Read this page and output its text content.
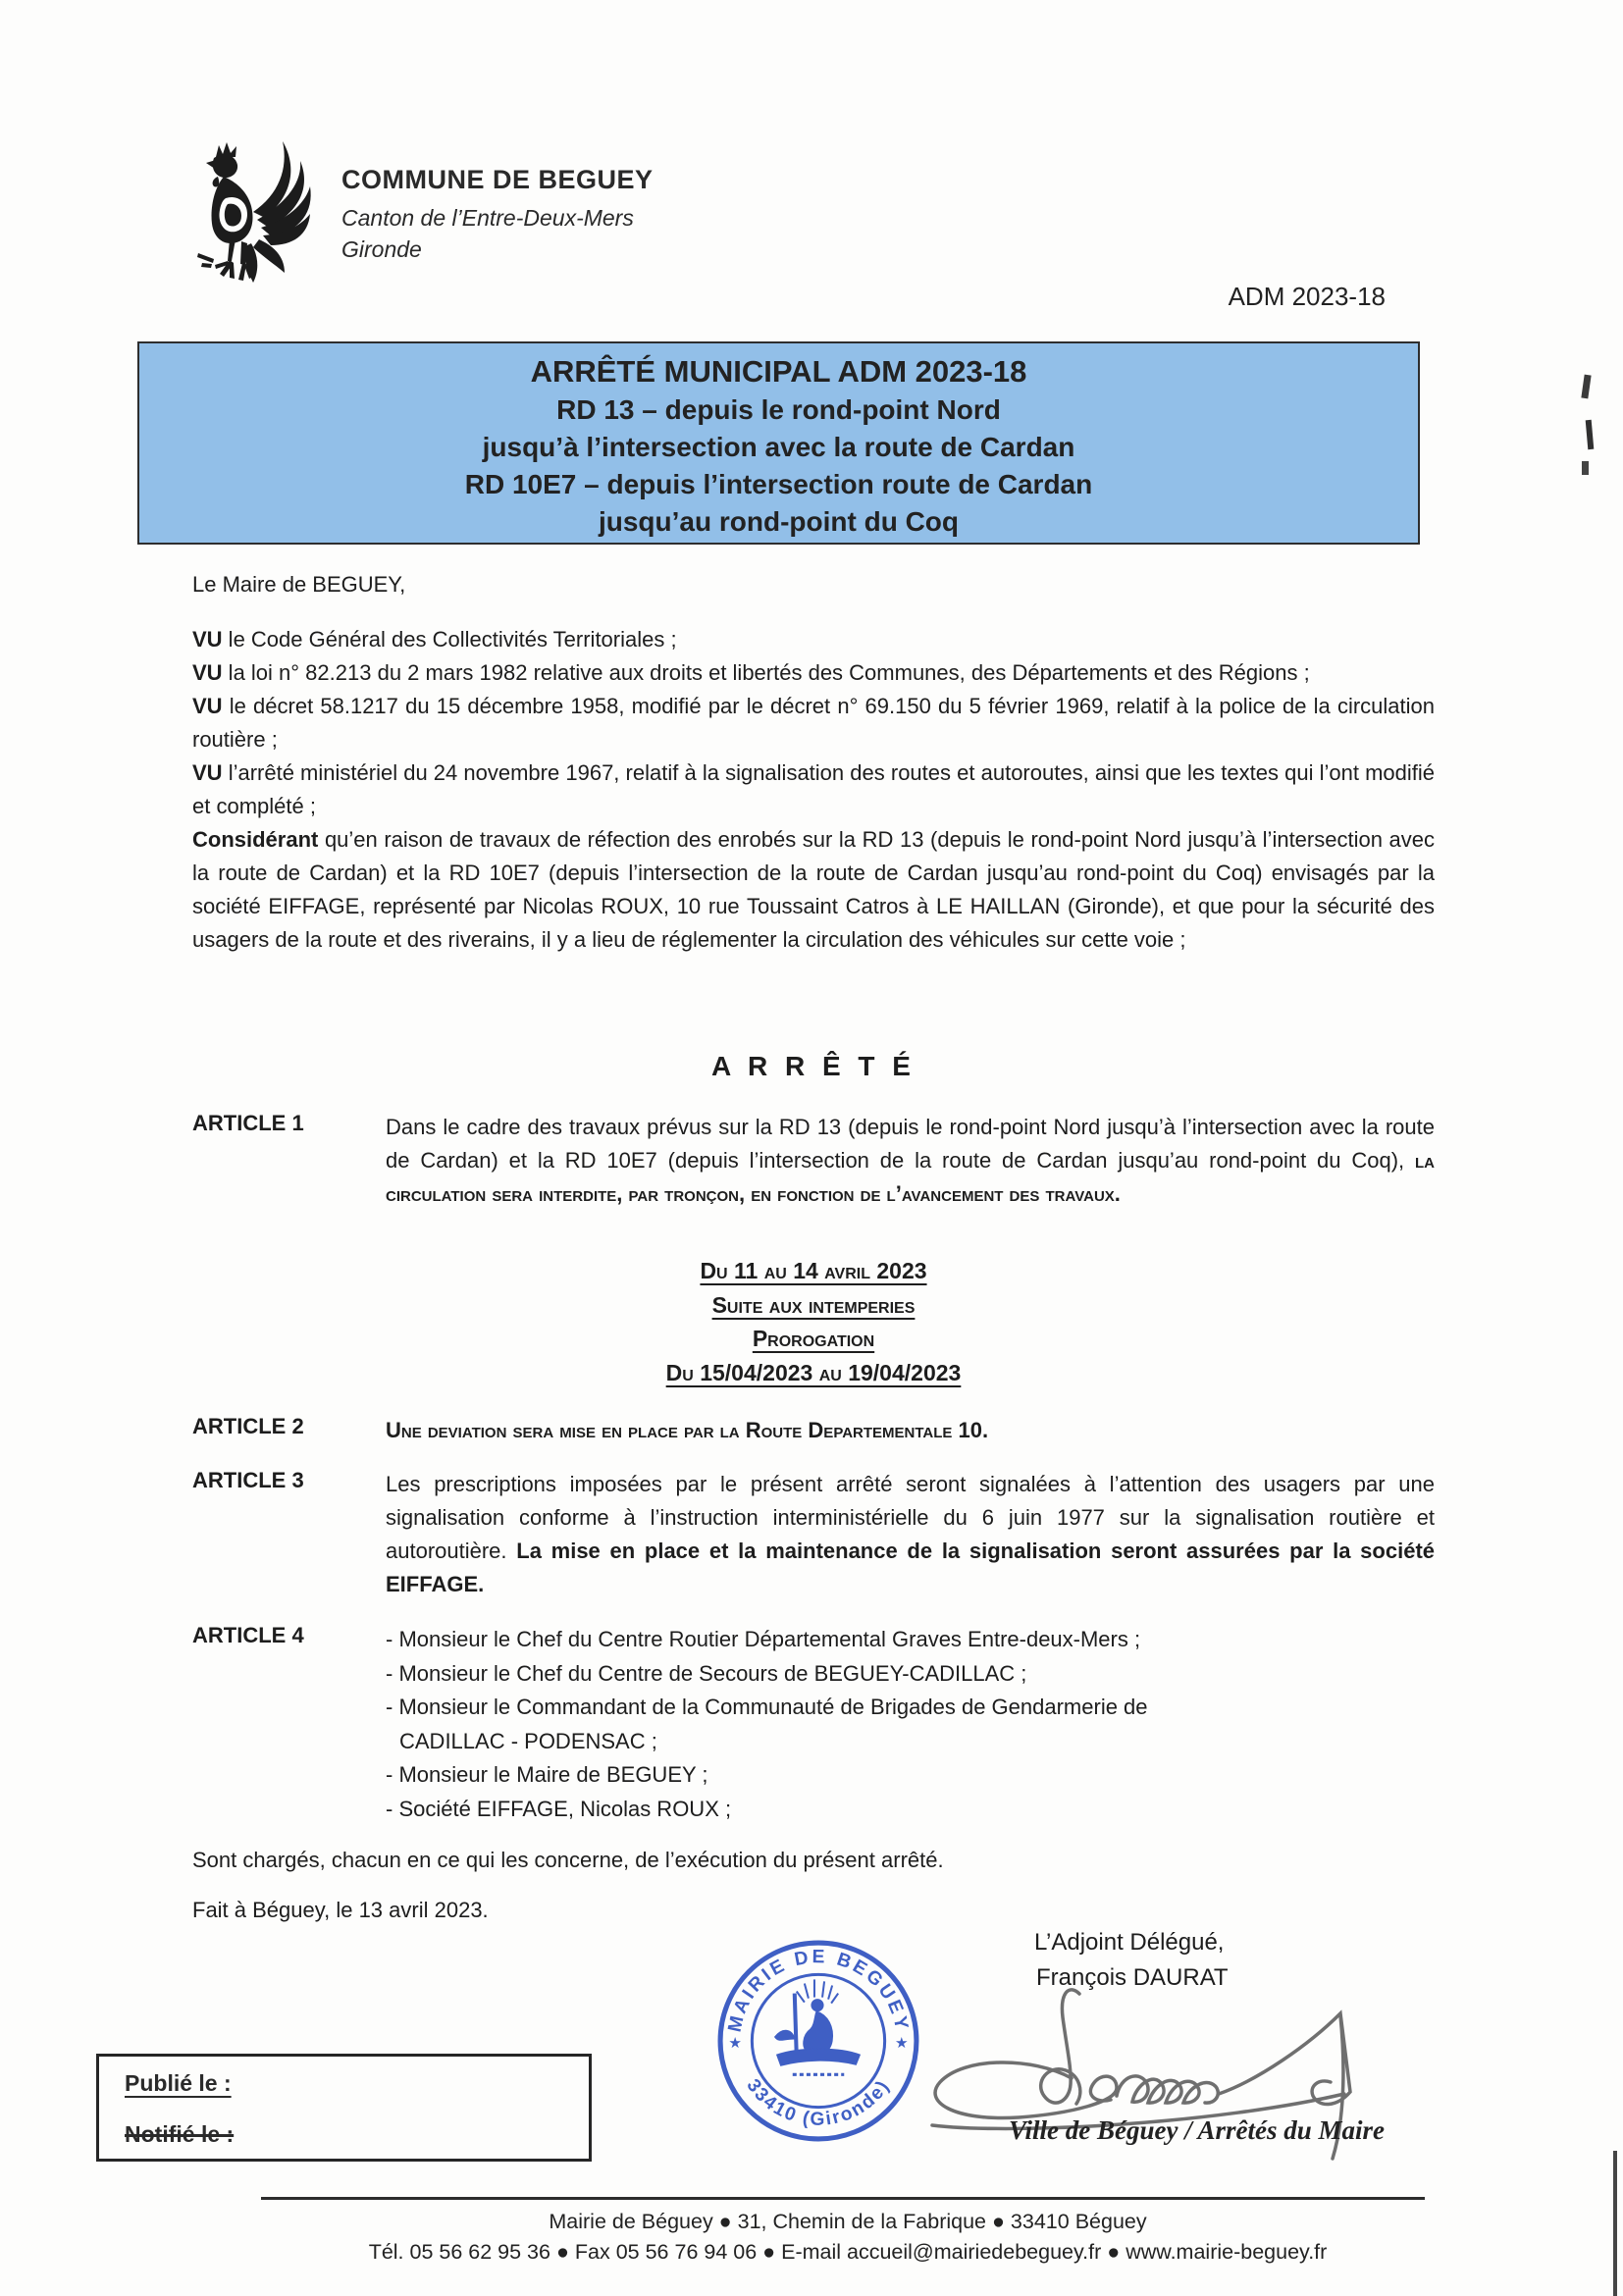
COMMUNE DE BEGUEY
Canton de l’Entre-Deux-Mers
Gironde
ADM 2023-18
ARRÊTÉ MUNICIPAL ADM 2023-18
RD 13 – depuis le rond-point Nord
jusqu’à l’intersection avec la route de Cardan
RD 10E7 – depuis l’intersection route de Cardan
jusqu’au rond-point du Coq

Le Maire de BEGUEY,

VU le Code Général des Collectivités Territoriales ;

VU la loi n° 82.213 du 2 mars 1982 relative aux droits et libertés des Communes, des Départements et des Régions ;

VU le décret 58.1217 du 15 décembre 1958, modifié par le décret n° 69.150 du 5 février 1969, relatif à la police de la circulation routière ;

VU l’arrêté ministériel du 24 novembre 1967, relatif à la signalisation des routes et autoroutes, ainsi que les textes qui l’ont modifié et complété ;

Considérant qu’en raison de travaux de réfection des enrobés sur la RD 13 (depuis le rond-point Nord jusqu’à l’intersection avec la route de Cardan) et la RD 10E7 (depuis l’intersection de la route de Cardan jusqu’au rond-point du Coq) envisagés par la société EIFFAGE, représenté par Nicolas ROUX, 10 rue Toussaint Catros à LE HAILLAN (Gironde), et que pour la sécurité des usagers de la route et des riverains, il y a lieu de réglementer la circulation des véhicules sur cette voie ;

A R R Ê T É
ARTICLE 1	Dans le cadre des travaux prévus sur la RD 13 (depuis le rond-point Nord jusqu’à l’intersection avec la route de Cardan) et la RD 10E7 (depuis l’intersection de la route de Cardan jusqu’au rond-point du Coq), la circulation sera interdite, par tronçon, en fonction de l’avancement des travaux.
Du 11 au 14 avril 2023
Suite aux intemperies
Prorogation
Du 15/04/2023 au 19/04/2023
ARTICLE 2	Une deviation sera mise en place par la Route Departementale 10.
ARTICLE 3	Les prescriptions imposées par le présent arrêté seront signalées à l’attention des usagers par une signalisation conforme à l’instruction interministérielle du 6 juin 1977 sur la signalisation routière et autoroutière. La mise en place et la maintenance de la signalisation seront assurées par la société EIFFAGE.
ARTICLE 4	- Monsieur le Chef du Centre Routier Départemental Graves Entre-deux-Mers ;
- Monsieur le Chef du Centre de Secours de BEGUEY-CADILLAC ;
- Monsieur le Commandant de la Communauté de Brigades de Gendarmerie de
CADILLAC - PODENSAC ;
- Monsieur le Maire de BEGUEY ;
- Société EIFFAGE, Nicolas ROUX ;
Sont chargés, chacun en ce qui les concerne, de l’exécution du présent arrêté.
Fait à Béguey, le 13 avril 2023.
L’Adjoint Délégué,
François DAURAT
MAIRIE DE BEGUEY
33410 (Gironde)
★	★
Ville de Béguey / Arrêtés du Maire
Publié le :
Notifié le :
Mairie de Béguey ● 31, Chemin de la Fabrique ● 33410 Béguey
Tél. 05 56 62 95 36 ● Fax 05 56 76 94 06 ● E-mail accueil@mairiedebeguey.fr ● www.mairie-beguey.fr
